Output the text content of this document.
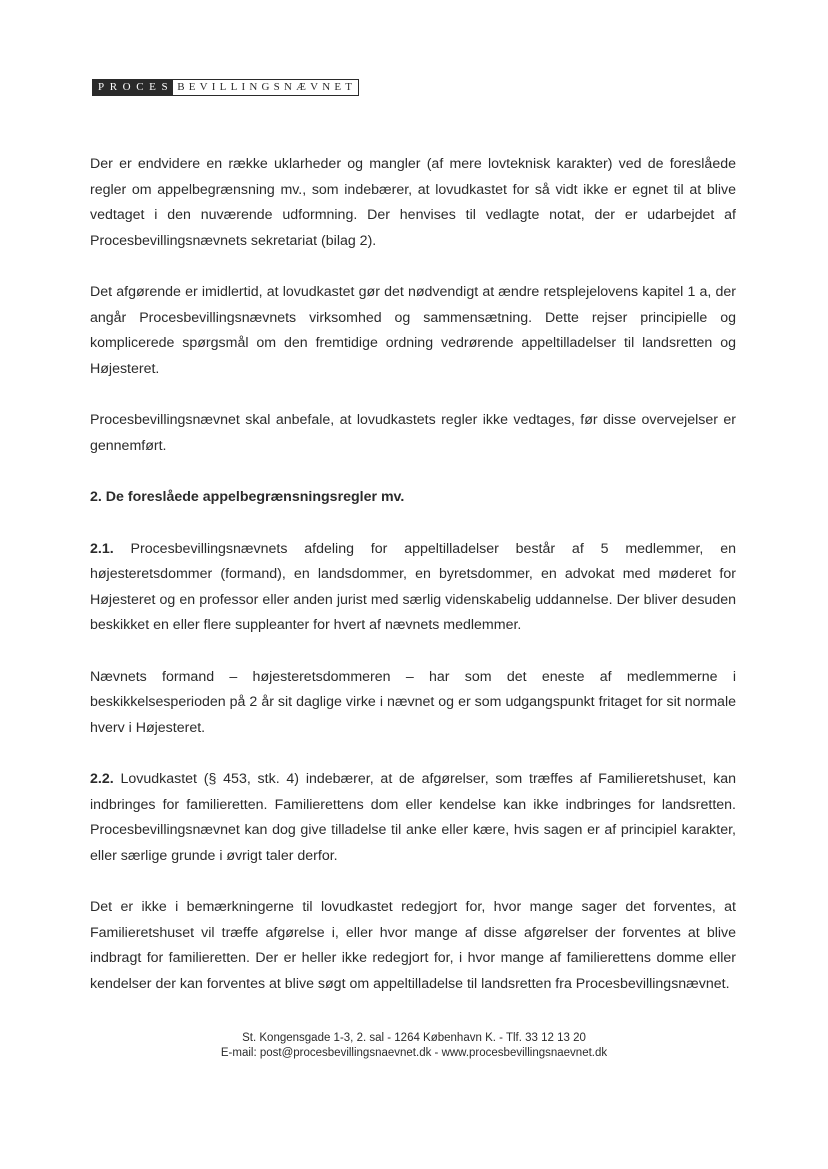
PROCES BEVILLINGSNÆVNET

Der er endvidere en række uklarheder og mangler (af mere lovteknisk karakter) ved de foreslåede regler om appelbegrænsning mv., som indebærer, at lovudkastet for så vidt ikke er egnet til at blive vedtaget i den nuværende udformning. Der henvises til vedlagte notat, der er udarbejdet af Procesbevillingsnævnets sekretariat (bilag 2).

Det afgørende er imidlertid, at lovudkastet gør det nødvendigt at ændre retsplejelovens kapitel 1 a, der angår Procesbevillingsnævnets virksomhed og sammensætning. Dette rejser principielle og komplicerede spørgsmål om den fremtidige ordning vedrørende appeltilladelser til landsretten og Højesteret.

Procesbevillingsnævnet skal anbefale, at lovudkastets regler ikke vedtages, før disse overvejelser er gennemført.

2. De foreslåede appelbegrænsningsregler mv.

2.1. Procesbevillingsnævnets afdeling for appeltilladelser består af 5 medlemmer, en højesteretsdommer (formand), en landsdommer, en byretsdommer, en advokat med møderet for Højesteret og en professor eller anden jurist med særlig videnskabelig uddannelse. Der bliver desuden beskikket en eller flere suppleanter for hvert af nævnets medlemmer.

Nævnets formand – højesteretsdommeren – har som det eneste af medlemmerne i beskikkelsesperioden på 2 år sit daglige virke i nævnet og er som udgangspunkt fritaget for sit normale hverv i Højesteret.

2.2. Lovudkastet (§ 453, stk. 4) indebærer, at de afgørelser, som træffes af Familieretshuset, kan indbringes for familieretten. Familierettens dom eller kendelse kan ikke indbringes for landsretten. Procesbevillingsnævnet kan dog give tilladelse til anke eller kære, hvis sagen er af principiel karakter, eller særlige grunde i øvrigt taler derfor.

Det er ikke i bemærkningerne til lovudkastet redegjort for, hvor mange sager det forventes, at Familieretshuset vil træffe afgørelse i, eller hvor mange af disse afgørelser der forventes at blive indbragt for familieretten. Der er heller ikke redegjort for, i hvor mange af familierettens domme eller kendelser der kan forventes at blive søgt om appeltilladelse til landsretten fra Procesbevillingsnævnet.

St. Kongensgade 1-3, 2. sal - 1264 København K. - Tlf. 33 12 13 20
E-mail: post@procesbevillingsnaevnet.dk - www.procesbevillingsnaevnet.dk
